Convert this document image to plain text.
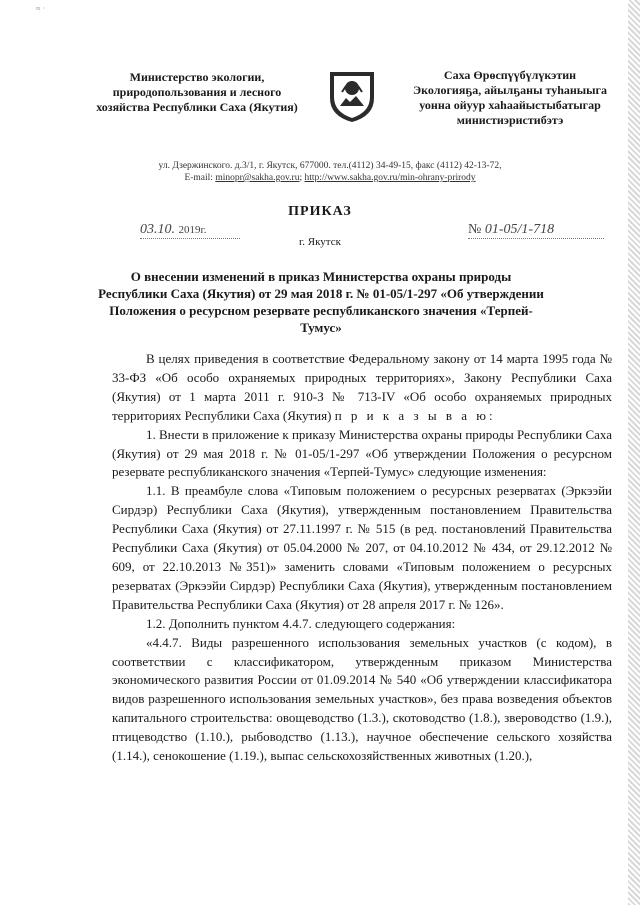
≈ ·
Министерство экологии,
природопользования и лесного
хозяйства Республики Саха (Якутия)
Саха Өрөспүүбүлүкэтин
Экологияҕа, айылҕаны туһаныыга
уонна ойуур хаһаайыстыбатыгар
министиэристибэтэ
ул. Дзержинского. д.3/1, г. Якутск, 677000. тел.(4112) 34-49-15, факс (4112) 42-13-72,
E-mail: minopr@sakha.gov.ru; http://www.sakha.gov.ru/min-ohrany-prirody
ПРИКАЗ
03.10. 2019г.	№ 01-05/1-718
г. Якутск
О внесении изменений в приказ Министерства охраны природы Республики Саха (Якутия) от 29 мая 2018 г. № 01-05/1-297 «Об утверждении Положения о ресурсном резервате республиканского значения «Терпей-Тумус»

В целях приведения в соответствие Федеральному закону от 14 марта 1995 года № 33-ФЗ «Об особо охраняемых природных территориях», Закону Республики Саха (Якутия) от 1 марта 2011 г. 910-З № 713-IV «Об особо охраняемых природных территориях Республики Саха (Якутия) п р и к а з ы в а ю:

1. Внести в приложение к приказу Министерства охраны природы Республики Саха (Якутия) от 29 мая 2018 г. № 01-05/1-297 «Об утверждении Положения о ресурсном резервате республиканского значения «Терпей-Тумус» следующие изменения:

1.1. В преамбуле слова «Типовым положением о ресурсных резерватах (Эркээйи Сирдэр) Республики Саха (Якутия), утвержденным постановлением Правительства Республики Саха (Якутия) от 27.11.1997 г. № 515 (в ред. постановлений Правительства Республики Саха (Якутия) от 05.04.2000 № 207, от 04.10.2012 № 434, от 29.12.2012 № 609, от 22.10.2013 №351)» заменить словами «Типовым положением о ресурсных резерватах (Эркээйи Сирдэр) Республики Саха (Якутия), утвержденным постановлением Правительства Республики Саха (Якутия) от 28 апреля 2017 г. № 126».

1.2. Дополнить пунктом 4.4.7. следующего содержания:

«4.4.7. Виды разрешенного использования земельных участков (с кодом), в соответствии с классификатором, утвержденным приказом Министерства экономического развития России от 01.09.2014 № 540 «Об утверждении классификатора видов разрешенного использования земельных участков», без права возведения объектов капитального строительства: овощеводство (1.3.), скотоводство (1.8.), звероводство (1.9.), птицеводство (1.10.), рыбоводство (1.13.), научное обеспечение сельского хозяйства (1.14.), сенокошение (1.19.), выпас сельскохозяйственных животных (1.20.),
